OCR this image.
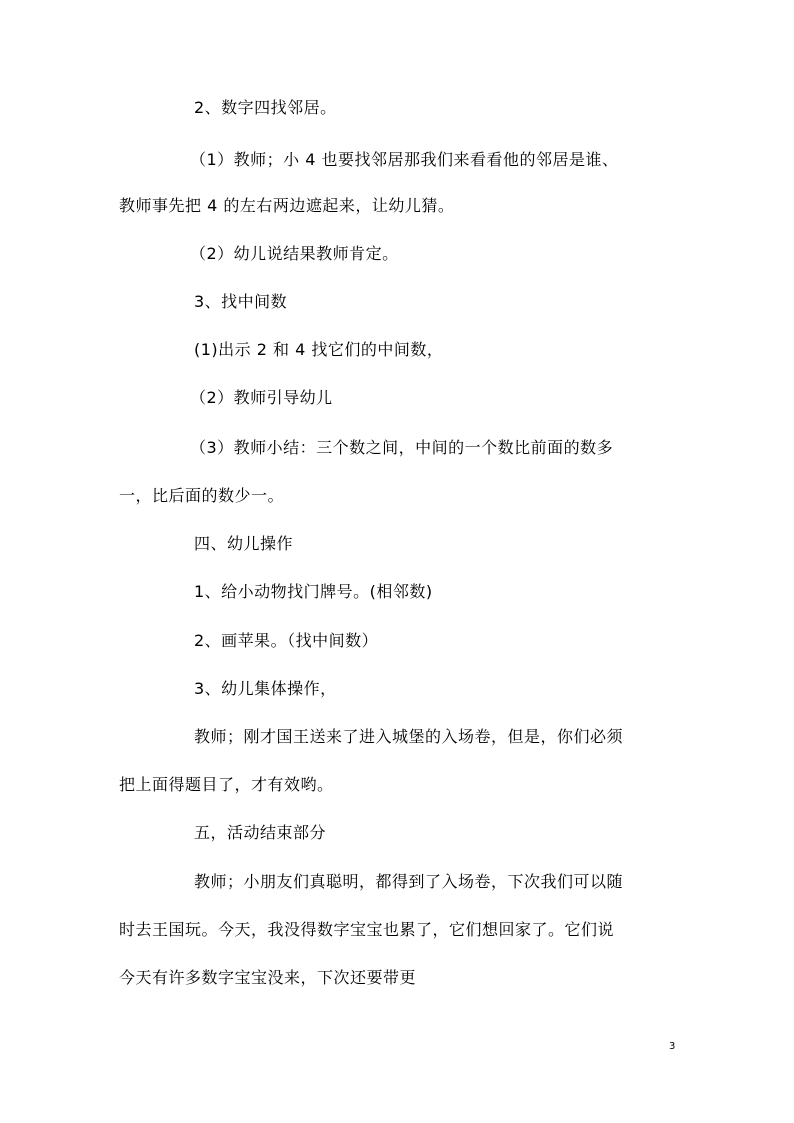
2、数字四找邻居。
（1）教师；小 4 也要找邻居那我们来看看他的邻居是谁、
教师事先把 4 的左右两边遮起来，让幼儿猜。
（2）幼儿说结果教师肯定。
3、找中间数
(1)出示 2 和 4 找它们的中间数，
（2）教师引导幼儿
（3）教师小结：三个数之间，中间的一个数比前面的数多
一，比后面的数少一。
四、幼儿操作
1、给小动物找门牌号。(相邻数)
2、画苹果。（找中间数）
3、幼儿集体操作，
教师；刚才国王送来了进入城堡的入场卷，但是，你们必须
把上面得题目了，才有效哟。
五，活动结束部分
教师；小朋友们真聪明，都得到了入场卷，下次我们可以随
时去王国玩。今天，我没得数字宝宝也累了，它们想回家了。它们说
今天有许多数字宝宝没来，下次还要带更
3
